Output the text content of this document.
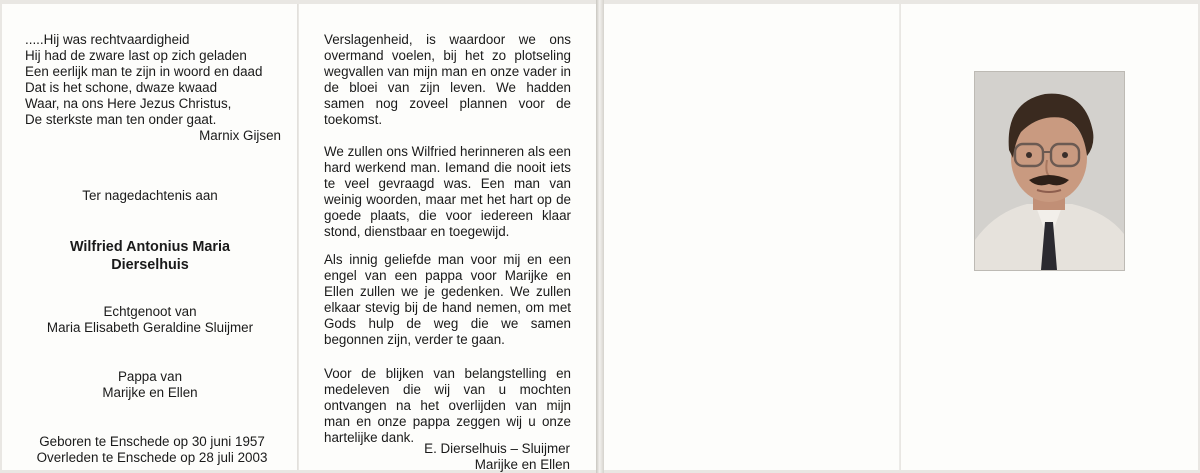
.....Hij was rechtvaardigheid
Hij had de zware last op zich geladen
Een eerlijk man te zijn in woord en daad
Dat is het schone, dwaze kwaad
Waar, na ons Here Jezus Christus,
De sterkste man ten onder gaat.
Marnix Gijsen
Ter nagedachtenis aan
Wilfried Antonius Maria
Dierselhuis
Echtgenoot van
Maria Elisabeth Geraldine Sluijmer
Pappa van
Marijke en Ellen
Geboren te Enschede op 30 juni 1957
Overleden te Enschede op 28 juli 2003

Verslagenheid, is waardoor we ons overmand voelen, bij het zo plotseling wegvallen van mijn man en onze vader in de bloei van zijn leven. We hadden samen nog zoveel plannen voor de toekomst.

We zullen ons Wilfried herinneren als een hard werkend man. Iemand die nooit iets te veel gevraagd was. Een man van weinig woorden, maar met het hart op de goede plaats, die voor iedereen klaar stond, dienstbaar en toegewijd.

Als innig geliefde man voor mij en een engel van een pappa voor Marijke en Ellen zullen we je gedenken. We zullen elkaar stevig bij de hand nemen, om met Gods hulp de weg die we samen begonnen zijn, verder te gaan.

Voor de blijken van belangstelling en medeleven die wij van u mochten ontvangen na het overlijden van mijn man en onze pappa zeggen wij u onze hartelijke dank.

E. Dierselhuis – Sluijmer
Marijke en Ellen
